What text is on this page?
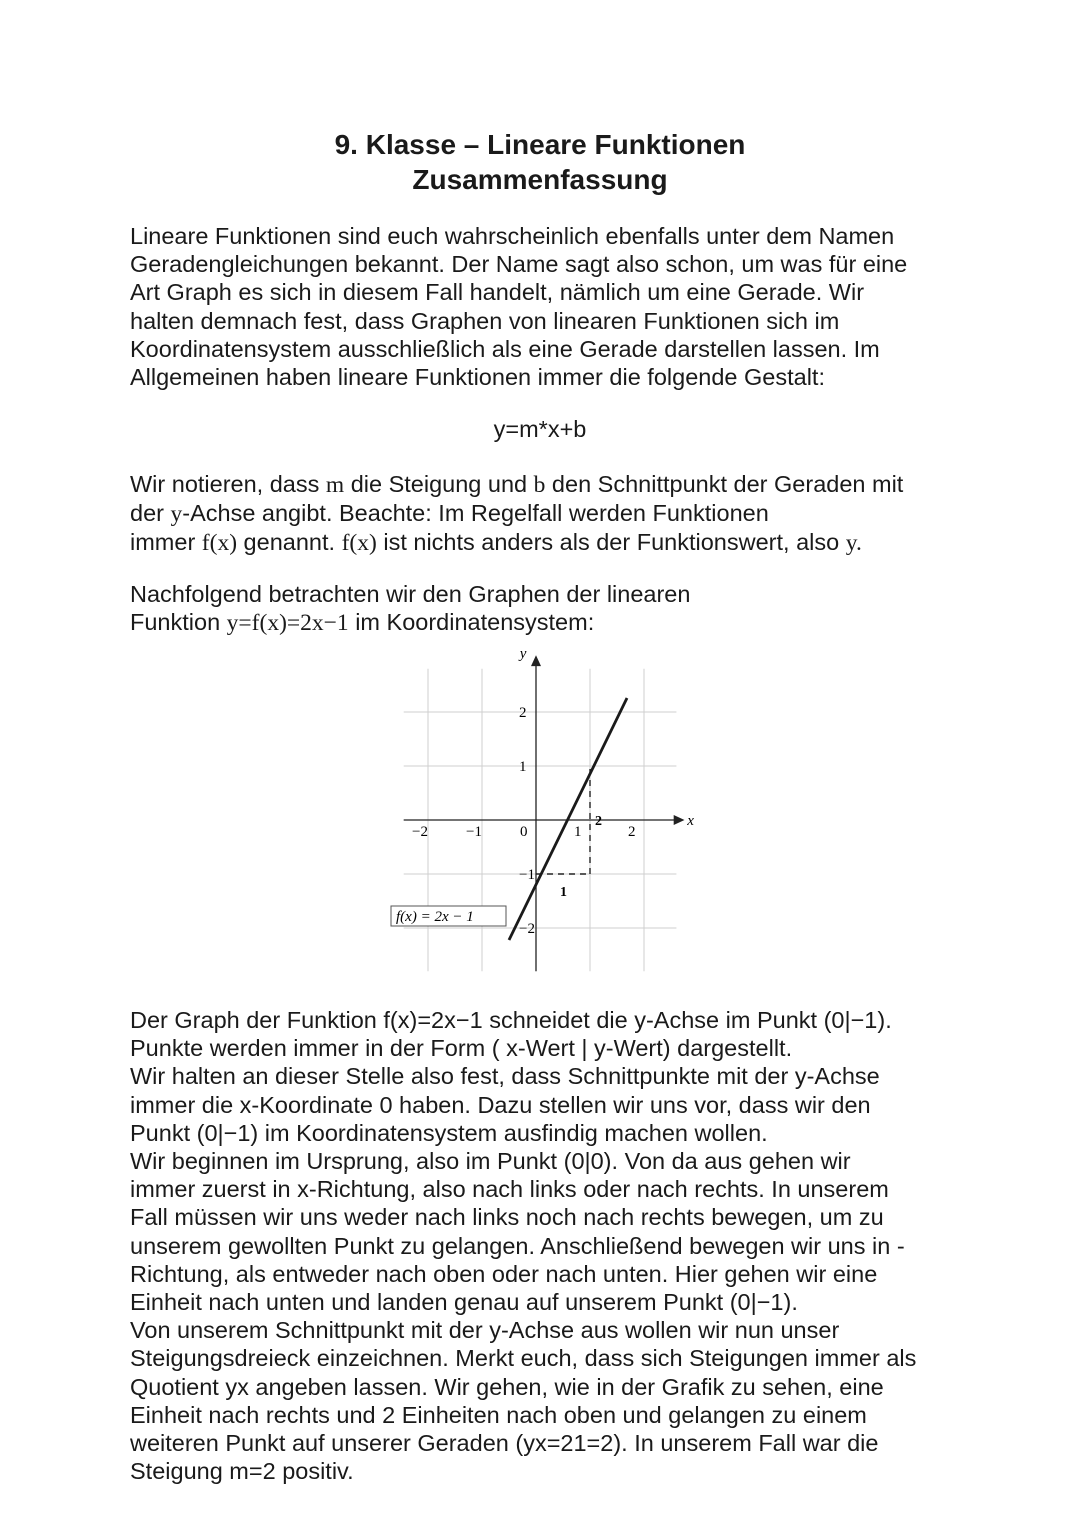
9. Klasse – Lineare Funktionen
Zusammenfassung

Lineare Funktionen sind euch wahrscheinlich ebenfalls unter dem Namen

Geradengleichungen bekannt. Der Name sagt also schon, um was für eine

Art Graph es sich in diesem Fall handelt, nämlich um eine Gerade. Wir

halten demnach fest, dass Graphen von linearen Funktionen sich im

Koordinatensystem ausschließlich als eine Gerade darstellen lassen. Im

Allgemeinen haben lineare Funktionen immer die folgende Gestalt:

y=m*x+b

Wir notieren, dass m die Steigung und b den Schnittpunkt der Geraden mit

der y-Achse angibt. Beachte: Im Regelfall werden Funktionen

immer f(x) genannt. f(x) ist nichts anders als der Funktionswert, also y.

Nachfolgend betrachten wir den Graphen der linearen

Funktion y=f(x)=2x−1 im Koordinatensystem:

x
y
−2	−1	0	1	2
2
1
−1
−2
1
2
f(x) = 2x − 1

Der Graph der Funktion f(x)=2x−1 schneidet die y-Achse im Punkt (0|−1).

Punkte werden immer in der Form ( x-Wert | y-Wert) dargestellt.

Wir halten an dieser Stelle also fest, dass Schnittpunkte mit der y-Achse

immer die x-Koordinate 0 haben. Dazu stellen wir uns vor, dass wir den

Punkt (0|−1) im Koordinatensystem ausfindig machen wollen.

Wir beginnen im Ursprung, also im Punkt (0|0). Von da aus gehen wir

immer zuerst in x-Richtung, also nach links oder nach rechts. In unserem

Fall müssen wir uns weder nach links noch nach rechts bewegen, um zu

unserem gewollten Punkt zu gelangen. Anschließend bewegen wir uns in -

Richtung, als entweder nach oben oder nach unten. Hier gehen wir eine

Einheit nach unten und landen genau auf unserem Punkt (0|−1).

Von unserem Schnittpunkt mit der y-Achse aus wollen wir nun unser

Steigungsdreieck einzeichnen. Merkt euch, dass sich Steigungen immer als

Quotient yx angeben lassen. Wir gehen, wie in der Grafik zu sehen, eine

Einheit nach rechts und 2 Einheiten nach oben und gelangen zu einem

weiteren Punkt auf unserer Geraden (yx=21=2). In unserem Fall war die

Steigung m=2 positiv.
